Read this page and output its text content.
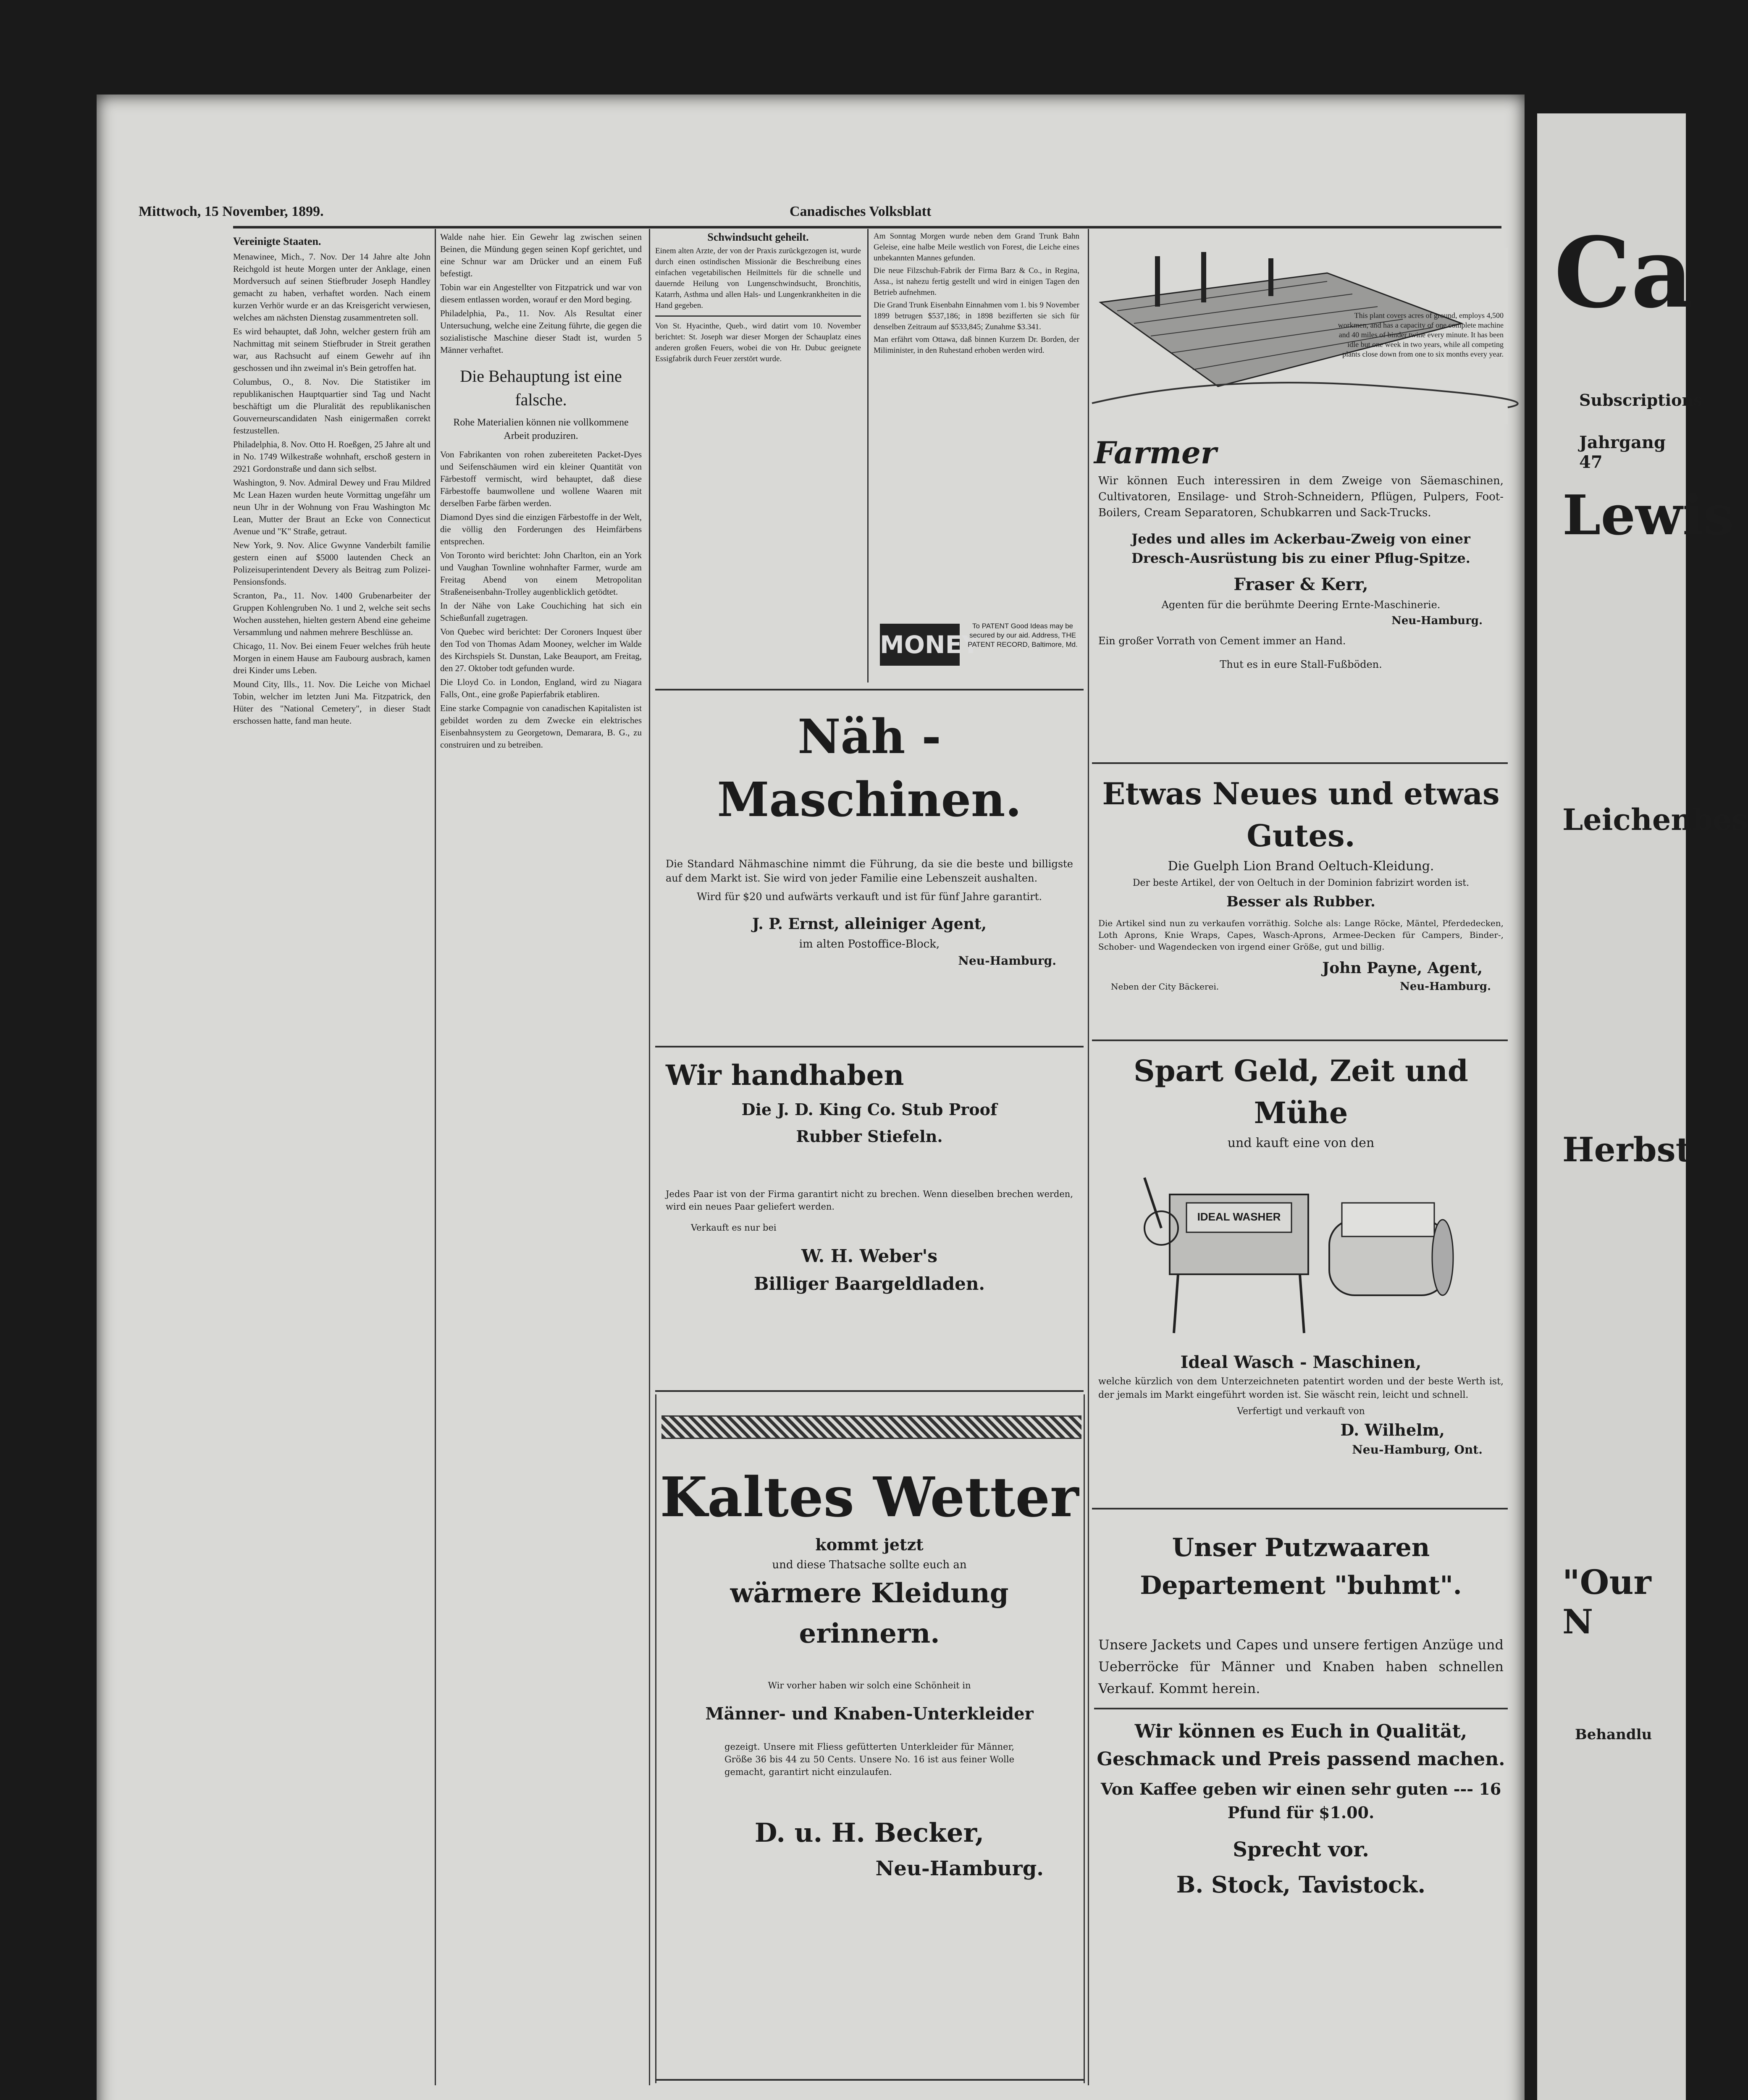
Mittwoch, 15 November, 1899.	Canadisches Volksblatt
Vereinigte Staaten.

Menawinee, Mich., 7. Nov. Der 14 Jahre alte John Reichgold ist heute Morgen unter der Anklage, einen Mordversuch auf seinen Stiefbruder Joseph Handley gemacht zu haben, verhaftet worden. Nach einem kurzen Verhör wurde er an das Kreisgericht verwiesen, welches am nächsten Dienstag zusammentreten soll.

Es wird behauptet, daß John, welcher gestern früh am Nachmittag mit seinem Stiefbruder in Streit gerathen war, aus Rachsucht auf einem Gewehr auf ihn geschossen und ihn zweimal in's Bein getroffen hat.

Columbus, O., 8. Nov. Die Statistiker im republikanischen Hauptquartier sind Tag und Nacht beschäftigt um die Pluralität des republikanischen Gouverneurscandidaten Nash einigermaßen correkt festzustellen.

Philadelphia, 8. Nov. Otto H. Roeßgen, 25 Jahre alt und in No. 1749 Wilkestraße wohnhaft, erschoß gestern in 2921 Gordonstraße und dann sich selbst.

Washington, 9. Nov. Admiral Dewey und Frau Mildred Mc Lean Hazen wurden heute Vormittag ungefähr um neun Uhr in der Wohnung von Frau Washington Mc Lean, Mutter der Braut an Ecke von Connecticut Avenue und "K" Straße, getraut.

New York, 9. Nov. Alice Gwynne Vanderbilt familie gestern einen auf $5000 lautenden Check an Polizeisuperintendent Devery als Beitrag zum Polizei-Pensionsfonds.

Scranton, Pa., 11. Nov. 1400 Grubenarbeiter der Gruppen Kohlengruben No. 1 und 2, welche seit sechs Wochen ausstehen, hielten gestern Abend eine geheime Versammlung und nahmen mehrere Beschlüsse an.

Chicago, 11. Nov. Bei einem Feuer welches früh heute Morgen in einem Hause am Faubourg ausbrach, kamen drei Kinder ums Leben.

Mound City, Ills., 11. Nov. Die Leiche von Michael Tobin, welcher im letzten Juni Ma. Fitzpatrick, den Hüter des "National Cemetery", in dieser Stadt erschossen hatte, fand man heute.

Walde nahe hier. Ein Gewehr lag zwischen seinen Beinen, die Mündung gegen seinen Kopf gerichtet, und eine Schnur war am Drücker und an einem Fuß befestigt.

Tobin war ein Angestellter von Fitzpatrick und war von diesem entlassen worden, worauf er den Mord beging.

Philadelphia, Pa., 11. Nov. Als Resultat einer Untersuchung, welche eine Zeitung führte, die gegen die sozialistische Maschine dieser Stadt ist, wurden 5 Männer verhaftet.

Die Behauptung ist eine falsche.
Rohe Materialien können nie vollkommene Arbeit produziren.

Von Fabrikanten von rohen zubereiteten Packet-Dyes und Seifenschäumen wird ein kleiner Quantität von Färbestoff vermischt, wird behauptet, daß diese Färbestoffe baumwollene und wollene Waaren mit derselben Farbe färben werden.

Diamond Dyes sind die einzigen Färbestoffe in der Welt, die völlig den Forderungen des Heimfärbens entsprechen.

Von Toronto wird berichtet: John Charlton, ein an York und Vaughan Townline wohnhafter Farmer, wurde am Freitag Abend von einem Metropolitan Straßeneisenbahn-Trolley augenblicklich getödtet.

In der Nähe von Lake Couchiching hat sich ein Schießunfall zugetragen.

Von Quebec wird berichtet: Der Coroners Inquest über den Tod von Thomas Adam Mooney, welcher im Walde des Kirchspiels St. Dunstan, Lake Beauport, am Freitag, den 27. Oktober todt gefunden wurde.

Die Lloyd Co. in London, England, wird zu Niagara Falls, Ont., eine große Papierfabrik etabliren.

Eine starke Compagnie von canadischen Kapitalisten ist gebildet worden zu dem Zwecke ein elektrisches Eisenbahnsystem zu Georgetown, Demarara, B. G., zu construiren und zu betreiben.

Schwindsucht geheilt.

Einem alten Arzte, der von der Praxis zurückgezogen ist, wurde durch einen ostindischen Missionär die Beschreibung eines einfachen vegetabilischen Heilmittels für die schnelle und dauernde Heilung von Lungenschwindsucht, Bronchitis, Katarrh, Asthma und allen Hals- und Lungenkrankheiten in die Hand gegeben.

Von St. Hyacinthe, Queb., wird datirt vom 10. November berichtet: St. Joseph war dieser Morgen der Schauplatz eines anderen großen Feuers, wobei die von Hr. Dubuc geeignete Essigfabrik durch Feuer zerstört wurde.

Am Sonntag Morgen wurde neben dem Grand Trunk Bahn Geleise, eine halbe Meile westlich von Forest, die Leiche eines unbekannten Mannes gefunden.

Die neue Filzschuh-Fabrik der Firma Barz & Co., in Regina, Assa., ist nahezu fertig gestellt und wird in einigen Tagen den Betrieb aufnehmen.

Die Grand Trunk Eisenbahn Einnahmen vom 1. bis 9 November 1899 betrugen $537,186; in 1898 bezifferten sie sich für denselben Zeitraum auf $533,845; Zunahme $3.341.

Man erfährt vom Ottawa, daß binnen Kurzem Dr. Borden, der Miliminister, in den Ruhestand erhoben werden wird.

MONEY
To PATENT Good Ideas may be secured by our aid. Address, THE PATENT RECORD, Baltimore, Md.
Näh - Maschinen.
Die Standard Nähmaschine nimmt die Führung, da sie die beste und billigste auf dem Markt ist. Sie wird von jeder Familie eine Lebenszeit aushalten.
Wird für $20 und aufwärts verkauft und ist für fünf Jahre garantirt.
J. P. Ernst, alleiniger Agent,
im alten Postoffice-Block,
Neu-Hamburg.
Wir handhaben
Die J. D. King Co. Stub Proof
Rubber Stiefeln.
Jedes Paar ist von der Firma garantirt nicht zu brechen. Wenn dieselben brechen werden, wird ein neues Paar geliefert werden.
Verkauft es nur bei
W. H. Weber's
Billiger Baargeldladen.
Kaltes Wetter
kommt jetzt
und diese Thatsache sollte euch an
wärmere Kleidung erinnern.
Wir vorher haben wir solch eine Schönheit in
Männer- und Knaben-Unterkleider
gezeigt. Unsere mit Fliess gefütterten Unterkleider für Männer, Größe 36 bis 44 zu 50 Cents. Unsere No. 16 ist aus feiner Wolle gemacht, garantirt nicht einzulaufen.
D. u. H. Becker,
Neu-Hamburg.
This plant covers acres of ground, employs 4,500 workmen, and has a capacity of one complete machine and 40 miles of binder twine every minute. It has been idle but one week in two years, while all competing plants close down from one to six months every year.
Farmer
Wir können Euch interessiren in dem Zweige von Säemaschinen, Cultivatoren, Ensilage- und Stroh-Schneidern, Pflügen, Pulpers, Foot-Boilers, Cream Separatoren, Schubkarren und Sack-Trucks.
Jedes und alles im Ackerbau-Zweig von einer Dresch-Ausrüstung bis zu einer Pflug-Spitze.
Fraser & Kerr,
Agenten für die berühmte Deering Ernte-Maschinerie.
Neu-Hamburg.
Ein großer Vorrath von Cement immer an Hand.
Thut es in eure Stall-Fußböden.
Etwas Neues und etwas Gutes.
Die Guelph Lion Brand Oeltuch-Kleidung.
Der beste Artikel, der von Oeltuch in der Dominion fabrizirt worden ist.
Besser als Rubber.
Die Artikel sind nun zu verkaufen vorräthig. Solche als: Lange Röcke, Mäntel, Pferdedecken, Loth Aprons, Knie Wraps, Capes, Wasch-Aprons, Armee-Decken für Campers, Binder-, Schober- und Wagendecken von irgend einer Größe, gut und billig.
John Payne, Agent,
Neben der City Bäckerei.	Neu-Hamburg.
Spart Geld, Zeit und Mühe
und kauft eine von den
IDEAL WASHER
Ideal Wasch - Maschinen,
welche kürzlich von dem Unterzeichneten patentirt worden und der beste Werth ist, der jemals im Markt eingeführt worden ist. Sie wäscht rein, leicht und schnell.
Verfertigt und verkauft von
D. Wilhelm,
Neu-Hamburg, Ont.
Unser Putzwaaren
Departement "buhmt".
Unsere Jackets und Capes und unsere fertigen Anzüge und Ueberröcke für Männer und Knaben haben schnellen Verkauf. Kommt herein.
Wir können es Euch in Qualität, Geschmack und Preis passend machen.
Von Kaffee geben wir einen sehr guten --- 16 Pfund für $1.00.
Sprecht vor.
B. Stock, Tavistock.
Ca
Subscriptions
Jahrgang 47
Lewis
Leichenbes
Herbst
"Our N
Behandlu
